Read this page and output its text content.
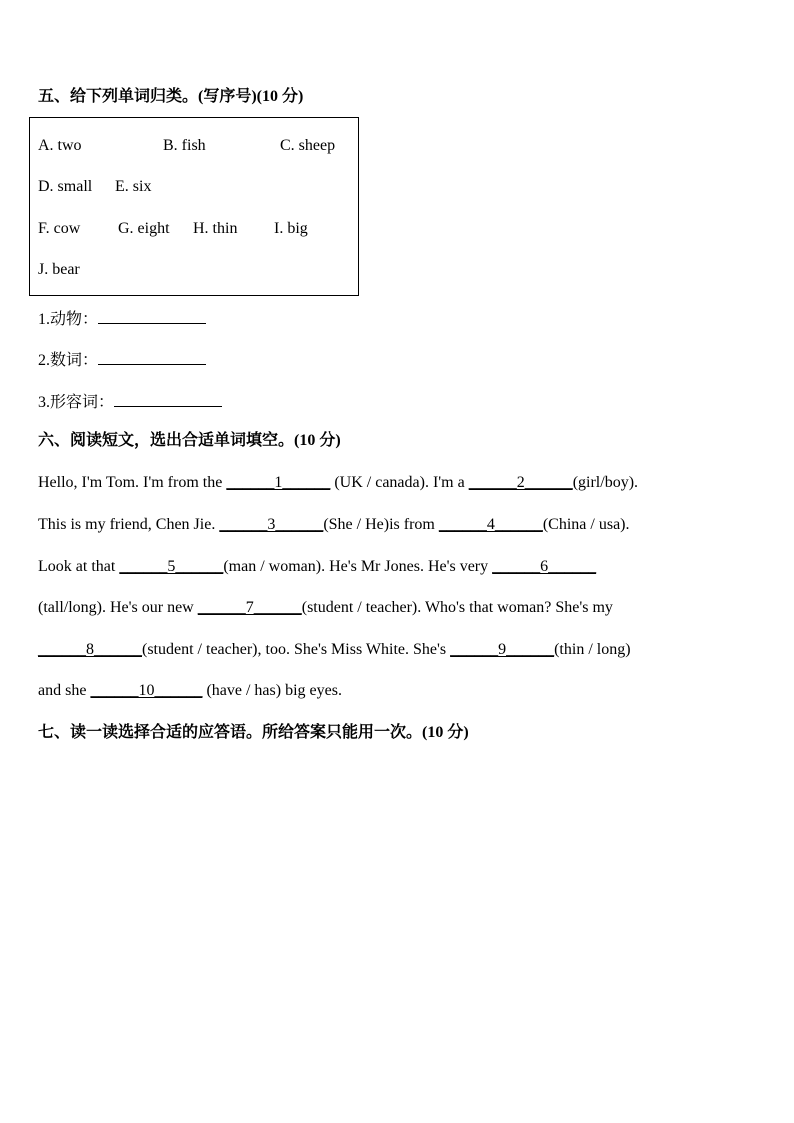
五、给下列单词归类。(写序号)(10 分)
A. two	B. fish	C. sheep
D. small E. six
F. cow G. eight H. thin I. big
J. bear
1.动物：
2.数词：
3.形容词：
六、阅读短文，选出合适单词填空。(10 分)
Hello, I'm Tom. I'm from the ______1______ (UK / canada). I'm a ______2______(girl/boy).
This is my friend, Chen Jie. ______3______(She / He)is from ______4______(China / usa).
Look at that ______5______(man / woman). He's Mr Jones. He's very ______6______
(tall/long). He's our new ______7______(student / teacher). Who's that woman? She's my
______8______(student / teacher), too. She's Miss White. She's ______9______(thin / long)
and she ______10______ (have / has) big eyes.
七、读一读选择合适的应答语。所给答案只能用一次。(10 分)
